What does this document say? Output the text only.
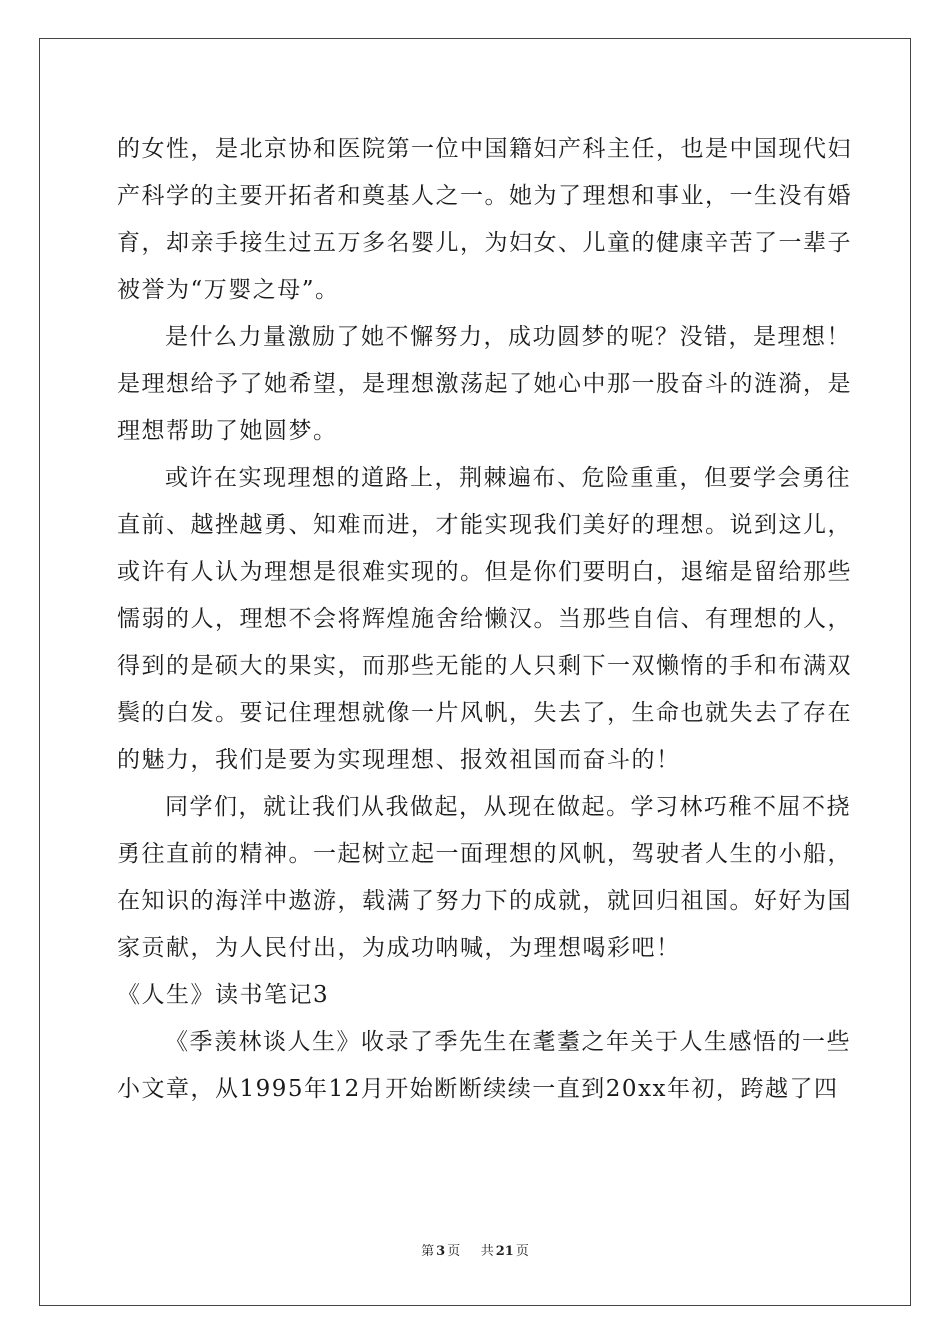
的女性，是北京协和医院第一位中国籍妇产科主任，也是中国现代妇
产科学的主要开拓者和奠基人之一。她为了理想和事业，一生没有婚
育，却亲手接生过五万多名婴儿，为妇女、儿童的健康辛苦了一辈子
被誉为“万婴之母”。
是什么力量激励了她不懈努力，成功圆梦的呢？没错，是理想！
是理想给予了她希望，是理想激荡起了她心中那一股奋斗的涟漪，是
理想帮助了她圆梦。
或许在实现理想的道路上，荆棘遍布、危险重重，但要学会勇往
直前、越挫越勇、知难而进，才能实现我们美好的理想。说到这儿，
或许有人认为理想是很难实现的。但是你们要明白，退缩是留给那些
懦弱的人，理想不会将辉煌施舍给懒汉。当那些自信、有理想的人，
得到的是硕大的果实，而那些无能的人只剩下一双懒惰的手和布满双
鬓的白发。要记住理想就像一片风帆，失去了，生命也就失去了存在
的魅力，我们是要为实现理想、报效祖国而奋斗的！
同学们，就让我们从我做起，从现在做起。学习林巧稚不屈不挠
勇往直前的精神。一起树立起一面理想的风帆，驾驶者人生的小船，
在知识的海洋中遨游，载满了努力下的成就，就回归祖国。好好为国
家贡献，为人民付出，为成功呐喊，为理想喝彩吧！
《人生》读书笔记3
《季羡林谈人生》收录了季先生在耄耋之年关于人生感悟的一些
小文章，从1995年12月开始断断续续一直到20xx年初，跨越了四
第 3 页 共 21 页
